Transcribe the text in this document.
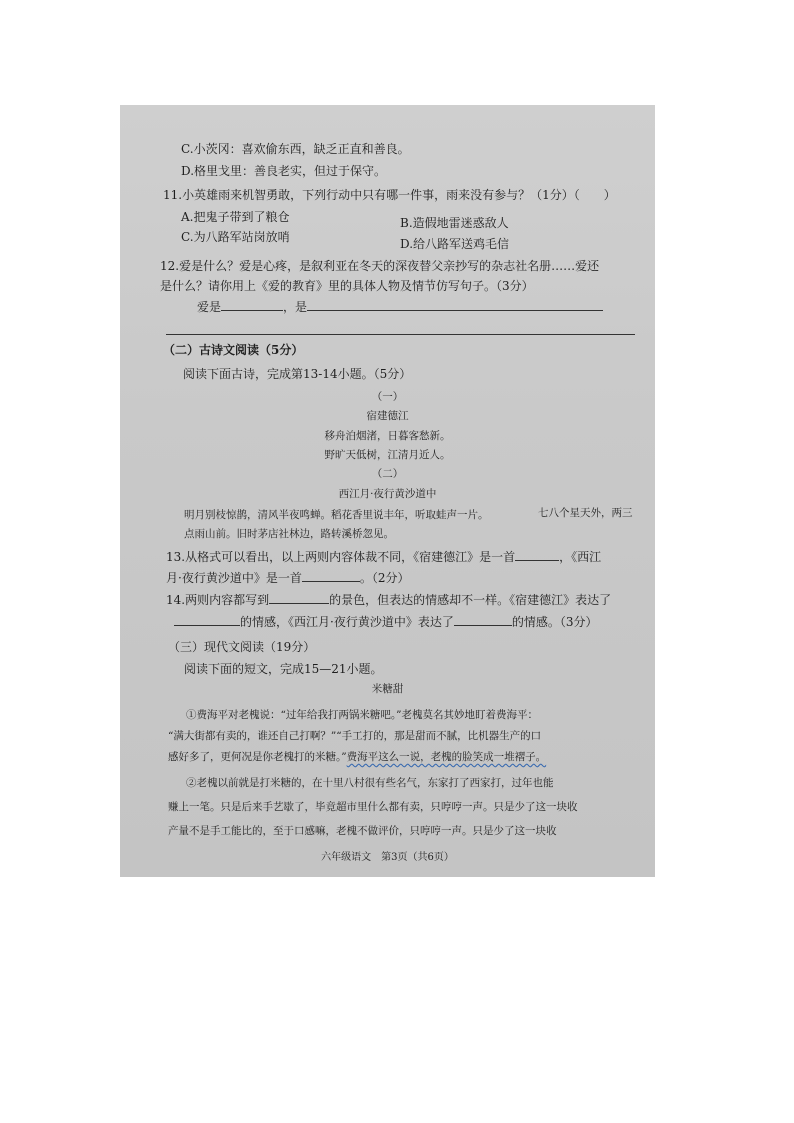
C.小茨冈：喜欢偷东西，缺乏正直和善良。
D.格里戈里：善良老实，但过于保守。
11.小英雄雨来机智勇敢，下列行动中只有哪一件事，雨来没有参与？（1分）（　　）
A.把鬼子带到了粮仓	B.造假地雷迷惑敌人
C.为八路军站岗放哨	D.给八路军送鸡毛信
12.爱是什么？爱是心疼，是叙利亚在冬天的深夜替父亲抄写的杂志社名册……爱还
是什么？请你用上《爱的教育》里的具体人物及情节仿写句子。（3分）
爱是	，是
（二）古诗文阅读（5分）
阅读下面古诗，完成第13-14小题。（5分）
（一）
宿建德江
移舟泊烟渚，日暮客愁新。
野旷天低树，江清月近人。
（二）
西江月·夜行黄沙道中
明月别枝惊鹊，清风半夜鸣蝉。稻花香里说丰年，听取蛙声一片。	七八个星天外，两三
点雨山前。旧时茅店社林边，路转溪桥忽见。
13.从格式可以看出，以上两则内容体裁不同，《宿建德江》是一首	，《西江
月·夜行黄沙道中》是一首	。（2分）
14.两则内容都写到	的景色，但表达的情感却不一样。《宿建德江》表达了
的情感，《西江月·夜行黄沙道中》表达了	的情感。（3分）
（三）现代文阅读（19分）
阅读下面的短文，完成15—21小题。
米糖甜
①费海平对老槐说：“过年给我打两锅米糖吧。”老槐莫名其妙地盯着费海平：
“满大街都有卖的，谁还自己打啊？”“手工打的，那是甜而不腻，比机器生产的口
感好多了，更何况是你老槐打的米糖。”费海平这么一说，老槐的脸笑成一堆褶子。
②老槐以前就是打米糖的，在十里八村很有些名气，东家打了西家打，过年也能
赚上一笔。只是后来手艺歇了，毕竟超市里什么都有卖，只哼哼一声。只是少了这一块收
产量不是手工能比的，至于口感嘛，老槐不做评价，只哼哼一声。只是少了这一块收
六年级语文　第3页（共6页）
